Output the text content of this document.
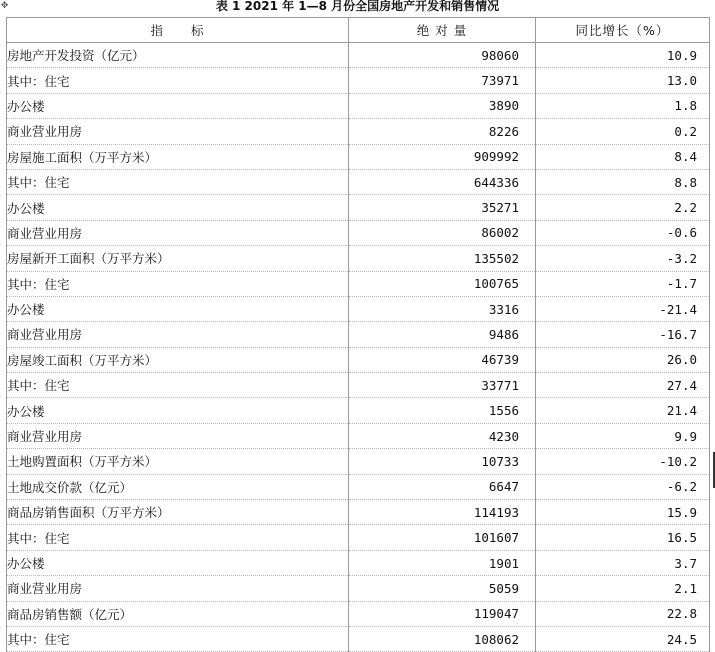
✥	表 1 2021 年 1—8 月份全国房地产开发和销售情况
指　　标	绝 对 量	同比增长（%）
房地产开发投资（亿元）	98060	10.9
其中：住宅	73971	13.0
办公楼	3890	1.8
商业营业用房	8226	0.2
房屋施工面积（万平方米）	909992	8.4
其中：住宅	644336	8.8
办公楼	35271	2.2
商业营业用房	86002	-0.6
房屋新开工面积（万平方米）	135502	-3.2
其中：住宅	100765	-1.7
办公楼	3316	-21.4
商业营业用房	9486	-16.7
房屋竣工面积（万平方米）	46739	26.0
其中：住宅	33771	27.4
办公楼	1556	21.4
商业营业用房	4230	9.9
土地购置面积（万平方米）	10733	-10.2
土地成交价款（亿元）	6647	-6.2
商品房销售面积（万平方米）	114193	15.9
其中：住宅	101607	16.5
办公楼	1901	3.7
商业营业用房	5059	2.1
商品房销售额（亿元）	119047	22.8
其中：住宅	108062	24.5
